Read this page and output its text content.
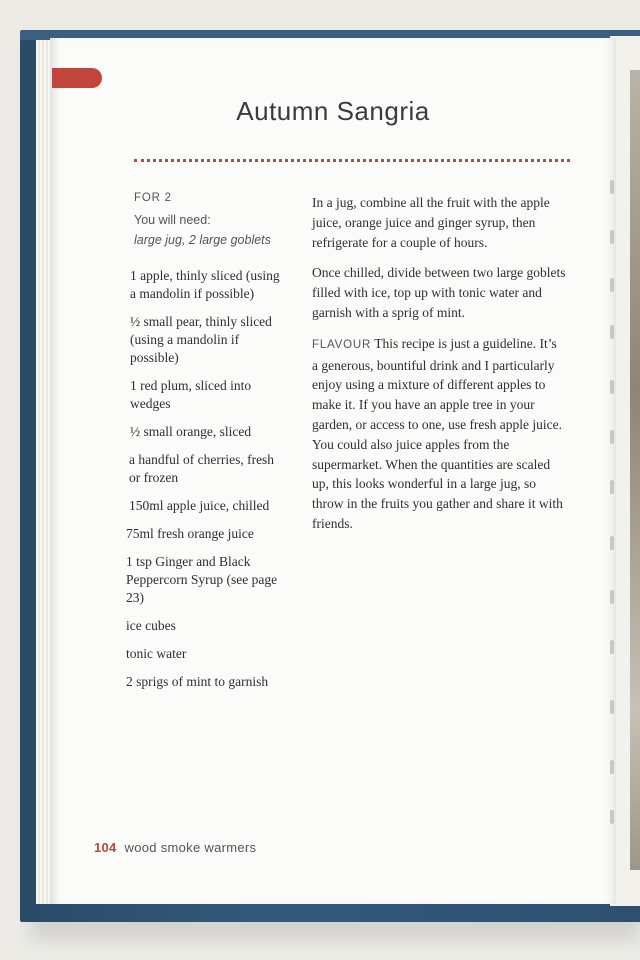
Autumn Sangria
FOR 2
You will need:
large jug, 2 large goblets
1 apple, thinly sliced (using a mandolin if possible)
½ small pear, thinly sliced (using a mandolin if possible)
1 red plum, sliced into wedges
½ small orange, sliced
a handful of cherries, fresh or frozen
150ml apple juice, chilled
75ml fresh orange juice
1 tsp Ginger and Black Peppercorn Syrup (see page 23)
ice cubes
tonic water
2 sprigs of mint to garnish

In a jug, combine all the fruit with the apple juice, orange juice and ginger syrup, then refrigerate for a couple of hours.

Once chilled, divide between two large goblets filled with ice, top up with tonic water and garnish with a sprig of mint.

FLAVOUR This recipe is just a guideline. It’s a generous, bountiful drink and I particularly enjoy using a mixture of different apples to make it. If you have an apple tree in your garden, or access to one, use fresh apple juice. You could also juice apples from the supermarket. When the quantities are scaled up, this looks wonderful in a large jug, so throw in the fruits you gather and share it with friends.

104 wood smoke warmers
